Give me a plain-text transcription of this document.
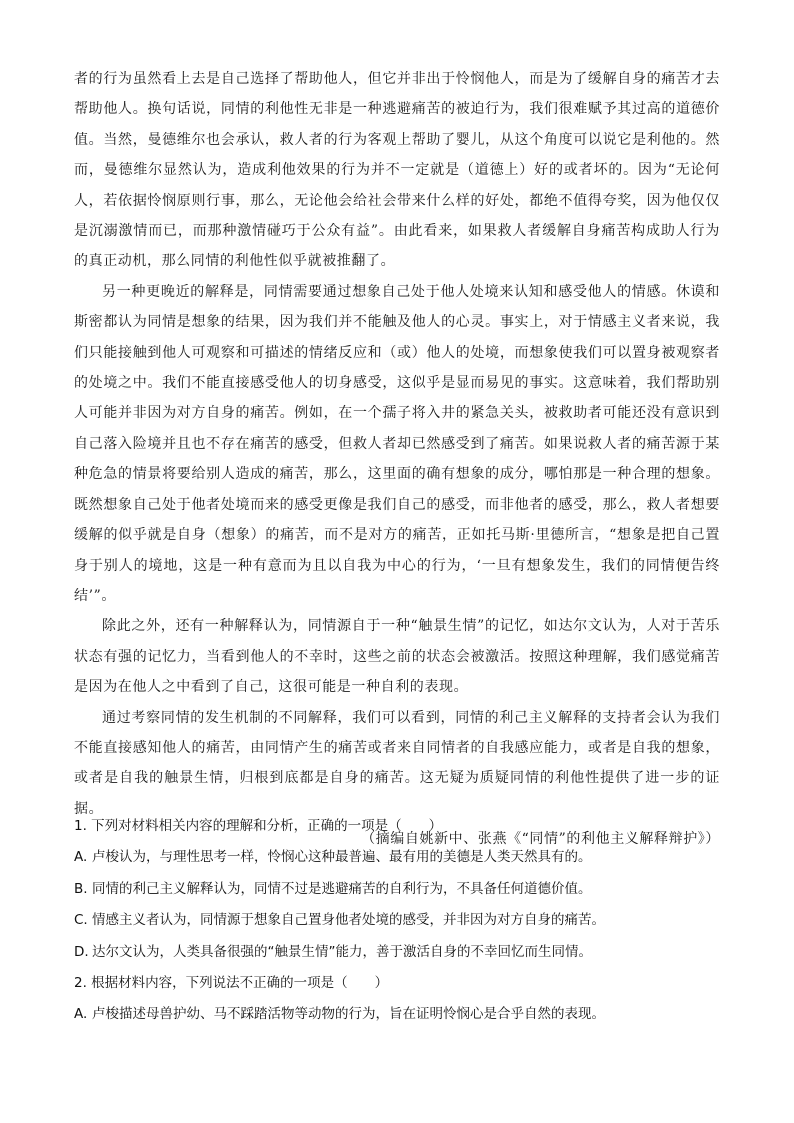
者的行为虽然看上去是自己选择了帮助他人，但它并非出于怜悯他人，而是为了缓解自身的痛苦才去帮助他人。换句话说，同情的利他性无非是一种逃避痛苦的被迫行为，我们很难赋予其过高的道德价值。当然，曼德维尔也会承认，救人者的行为客观上帮助了婴儿，从这个角度可以说它是利他的。然而，曼德维尔显然认为，造成利他效果的行为并不一定就是（道德上）好的或者坏的。因为“无论何人，若依据怜悯原则行事，那么，无论他会给社会带来什么样的好处，都绝不值得夸奖，因为他仅仅是沉溺激情而已，而那种激情碰巧于公众有益”。由此看来，如果救人者缓解自身痛苦构成助人行为的真正动机，那么同情的利他性似乎就被推翻了。

另一种更晚近的解释是，同情需要通过想象自己处于他人处境来认知和感受他人的情感。休谟和斯密都认为同情是想象的结果，因为我们并不能触及他人的心灵。事实上，对于情感主义者来说，我们只能接触到他人可观察和可描述的情绪反应和（或）他人的处境，而想象使我们可以置身被观察者的处境之中。我们不能直接感受他人的切身感受，这似乎是显而易见的事实。这意味着，我们帮助别人可能并非因为对方自身的痛苦。例如，在一个孺子将入井的紧急关头，被救助者可能还没有意识到自己落入险境并且也不存在痛苦的感受，但救人者却已然感受到了痛苦。如果说救人者的痛苦源于某种危急的情景将要给别人造成的痛苦，那么，这里面的确有想象的成分，哪怕那是一种合理的想象。既然想象自己处于他者处境而来的感受更像是我们自己的感受，而非他者的感受，那么，救人者想要缓解的似乎就是自身（想象）的痛苦，而不是对方的痛苦，正如托马斯·里德所言，“想象是把自己置身于别人的境地，这是一种有意而为且以自我为中心的行为，‘一旦有想象发生，我们的同情便告终结’”。

除此之外，还有一种解释认为，同情源自于一种“触景生情”的记忆，如达尔文认为，人对于苦乐状态有强的记忆力，当看到他人的不幸时，这些之前的状态会被激活。按照这种理解，我们感觉痛苦是因为在他人之中看到了自己，这很可能是一种自利的表现。

通过考察同情的发生机制的不同解释，我们可以看到，同情的利己主义解释的支持者会认为我们不能直接感知他人的痛苦，由同情产生的痛苦或者来自同情者的自我感应能力，或者是自我的想象，或者是自我的触景生情，归根到底都是自身的痛苦。这无疑为质疑同情的利他性提供了进一步的证据。

（摘编自姚新中、张燕《“同情”的利他主义解释辩护》）

1. 下列对材料相关内容的理解和分析，正确的一项是（　　）

A. 卢梭认为，与理性思考一样，怜悯心这种最普遍、最有用的美德是人类天然具有的。

B. 同情的利己主义解释认为，同情不过是逃避痛苦的自利行为，不具备任何道德价值。

C. 情感主义者认为，同情源于想象自己置身他者处境的感受，并非因为对方自身的痛苦。

D. 达尔文认为，人类具备很强的“触景生情”能力，善于激活自身的不幸回忆而生同情。

2. 根据材料内容，下列说法不正确的一项是（　　）

A. 卢梭描述母兽护幼、马不踩踏活物等动物的行为，旨在证明怜悯心是合乎自然的表现。
